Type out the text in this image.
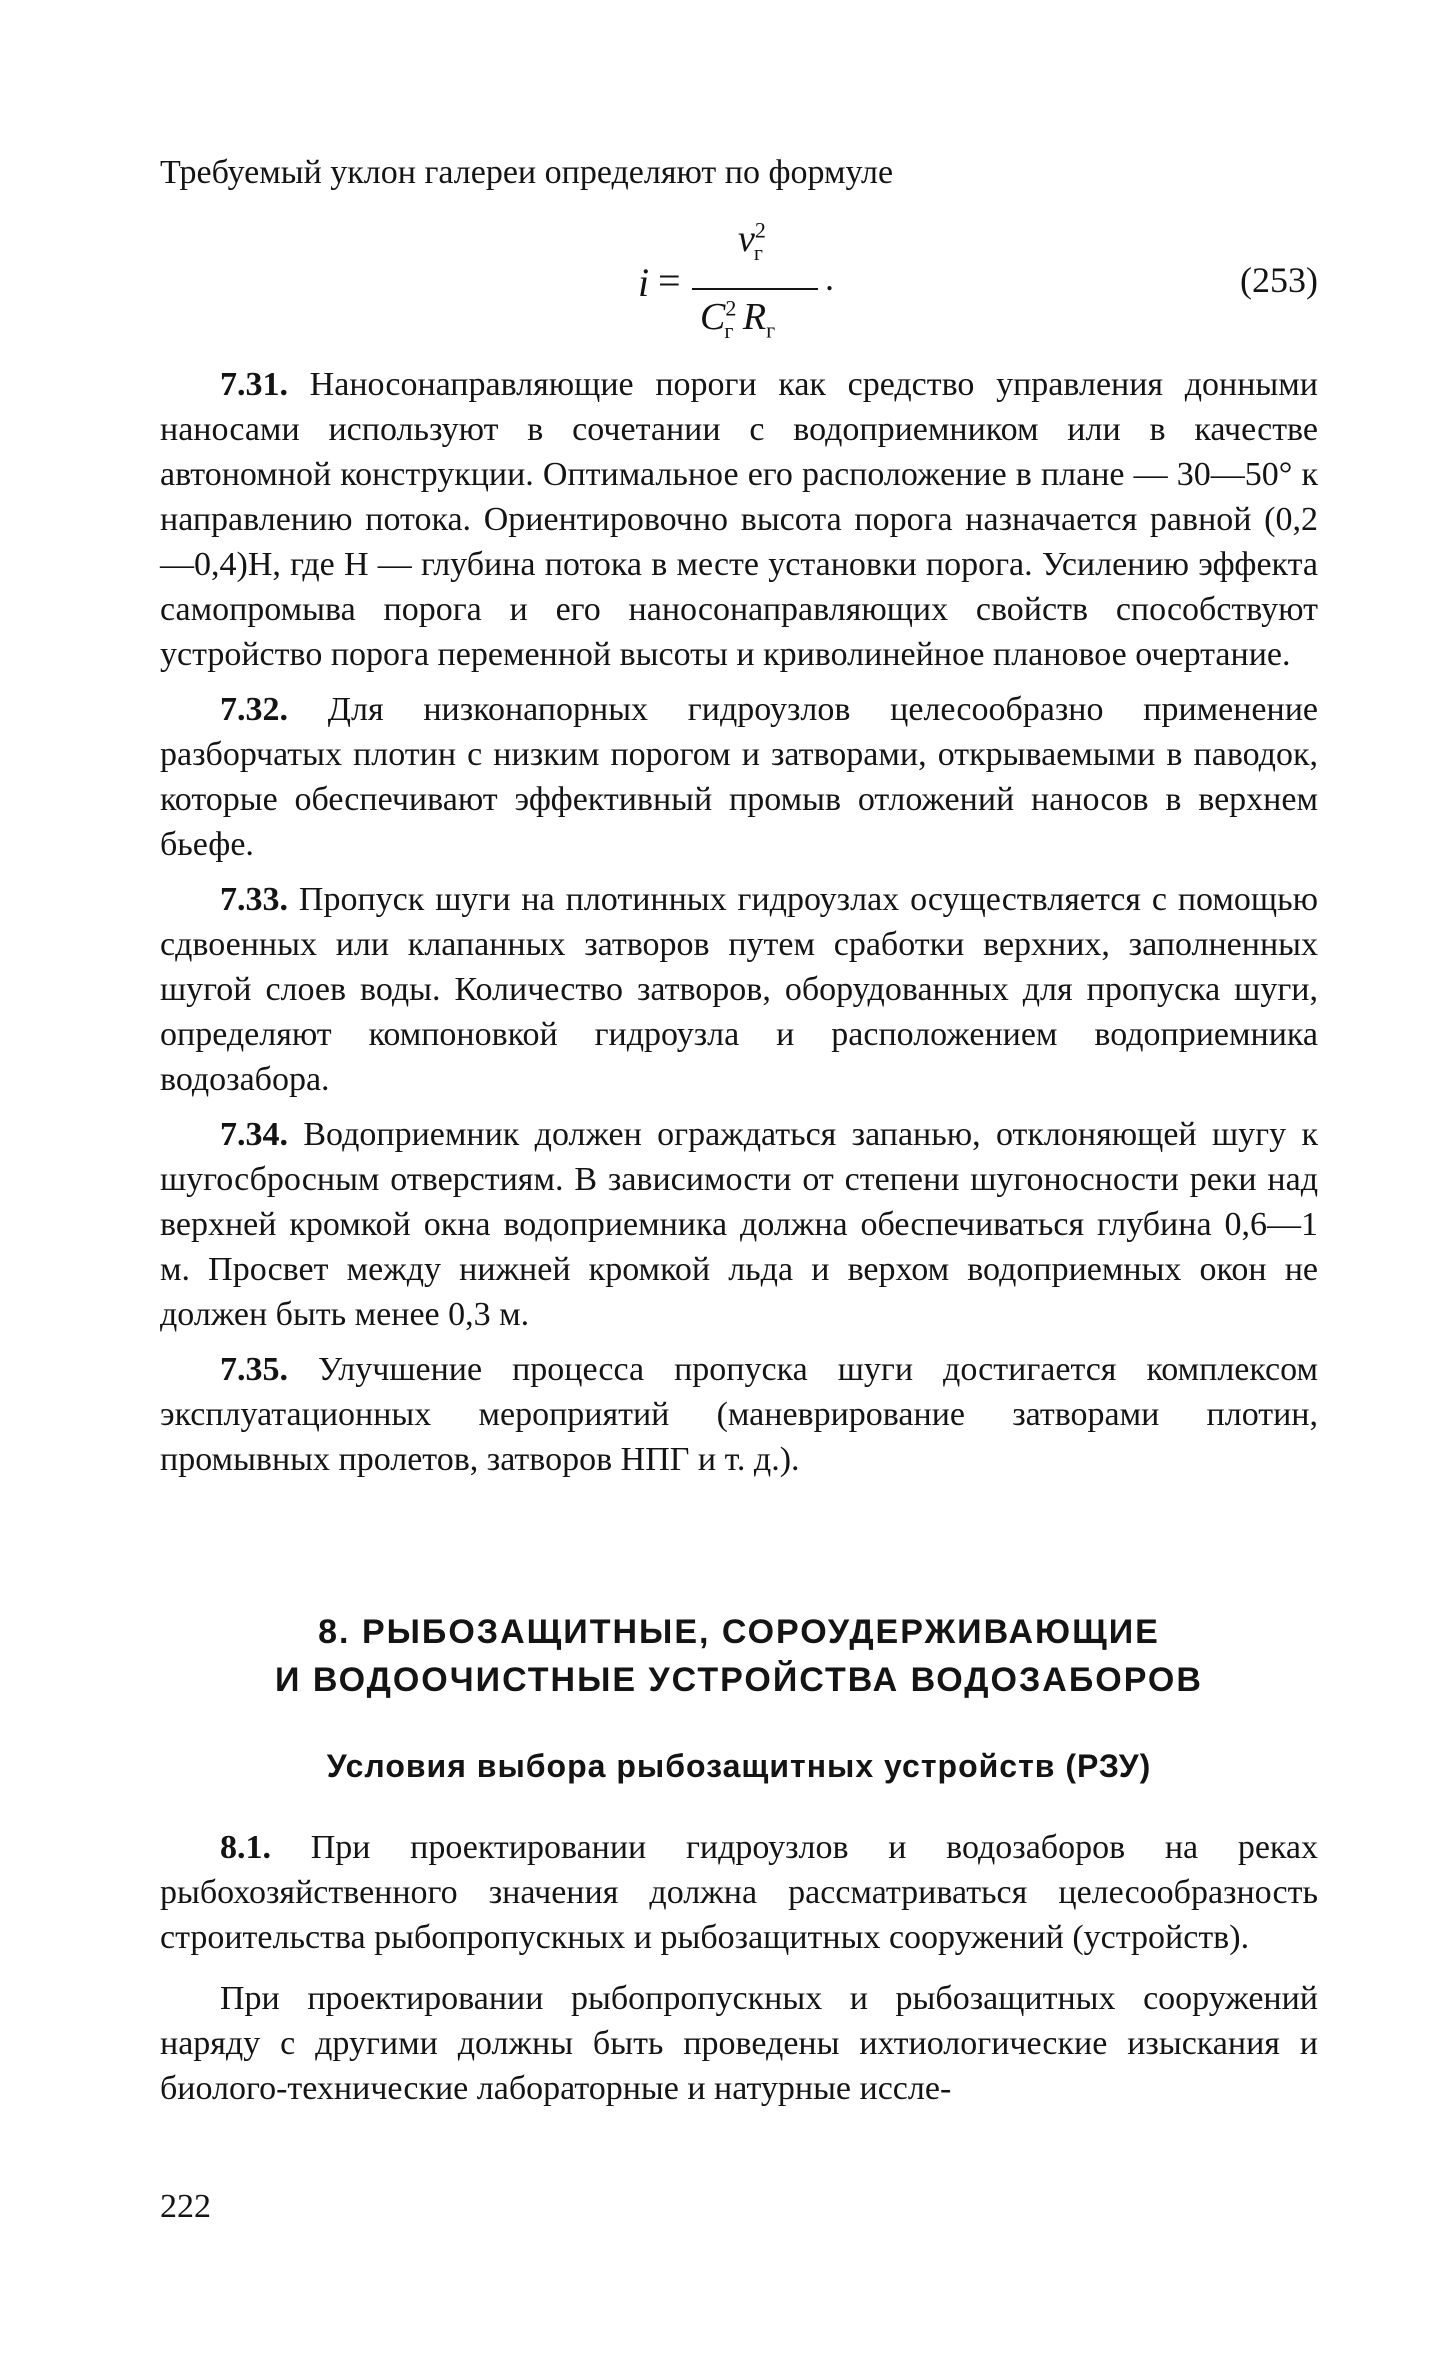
Требуемый уклон галереи определяют по формуле

i =
$v^2_г$
$C^2_г$ $R_г$
.	(253)

7.31. Наносонаправляющие пороги как средство управления донными наносами используют в сочетании с водоприемником или в качестве автономной конструкции. Оптимальное его расположение в плане — 30—50° к направлению потока. Ориентировочно высота порога назначается равной (0,2—0,4)H, где H — глубина потока в месте установки порога. Усилению эффекта самопромыва порога и его наносонаправляющих свойств способствуют устройство порога переменной высоты и криволинейное плановое очертание.

7.32. Для низконапорных гидроузлов целесообразно применение разборчатых плотин с низким порогом и затворами, открываемыми в паводок, которые обеспечивают эффективный промыв отложений наносов в верхнем бьефе.

7.33. Пропуск шуги на плотинных гидроузлах осуществляется с помощью сдвоенных или клапанных затворов путем сработки верхних, заполненных шугой слоев воды. Количество затворов, оборудованных для пропуска шуги, определяют компоновкой гидроузла и расположением водоприемника водозабора.

7.34. Водоприемник должен ограждаться запанью, отклоняющей шугу к шугосбросным отверстиям. В зависимости от степени шугоносности реки над верхней кромкой окна водоприемника должна обеспечиваться глубина 0,6—1 м. Просвет между нижней кромкой льда и верхом водоприемных окон не должен быть менее 0,3 м.

7.35. Улучшение процесса пропуска шуги достигается комплексом эксплуатационных мероприятий (маневрирование затворами плотин, промывных пролетов, затворов НПГ и т. д.).

8. РЫБОЗАЩИТНЫЕ, СОРОУДЕРЖИВАЮЩИЕ
И ВОДООЧИСТНЫЕ УСТРОЙСТВА ВОДОЗАБОРОВ
Условия выбора рыбозащитных устройств (РЗУ)

8.1. При проектировании гидроузлов и водозаборов на реках рыбохозяйственного значения должна рассматриваться целесообразность строительства рыбопропускных и рыбозащитных сооружений (устройств).

При проектировании рыбопропускных и рыбозащитных сооружений наряду с другими должны быть проведены ихтиологические изыскания и биолого-технические лабораторные и натурные иссле-

222
